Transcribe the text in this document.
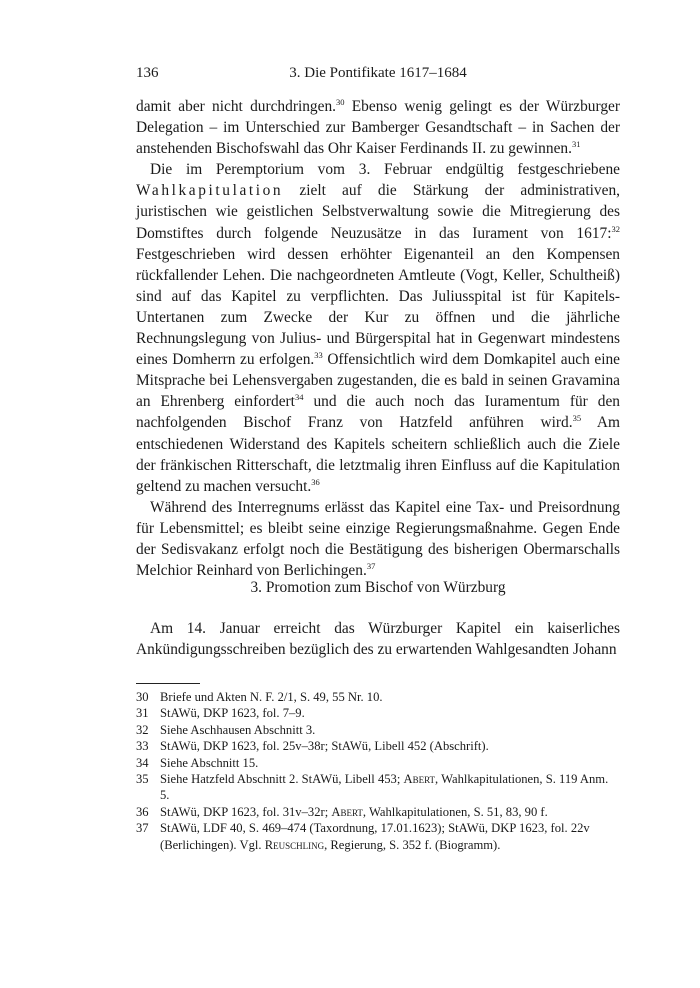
136	3. Die Pontifikate 1617–1684

damit aber nicht durchdringen.$^{30}$ Ebenso wenig gelingt es der Würzburger Delegation – im Unterschied zur Bamberger Gesandtschaft – in Sachen der anstehenden Bischofswahl das Ohr Kaiser Ferdinands II. zu gewinnen.$^{31}$

Die im Peremptorium vom 3. Februar endgültig festgeschriebene Wahlkapitulation zielt auf die Stärkung der administrativen, juristischen wie geistlichen Selbstverwaltung sowie die Mitregierung des Domstiftes durch folgende Neuzusätze in das Iurament von 1617:$^{32}$ Festgeschrieben wird dessen erhöhter Eigenanteil an den Kompensen rückfallender Lehen. Die nachgeordneten Amtleute (Vogt, Keller, Schultheiß) sind auf das Kapitel zu verpflichten. Das Juliusspital ist für Kapitels-Untertanen zum Zwecke der Kur zu öffnen und die jährliche Rechnungslegung von Julius- und Bürgerspital hat in Gegenwart mindestens eines Domherrn zu erfolgen.$^{33}$ Offensichtlich wird dem Domkapitel auch eine Mitsprache bei Lehensvergaben zugestanden, die es bald in seinen Gravamina an Ehrenberg einfordert$^{34}$ und die auch noch das Iuramentum für den nachfolgenden Bischof Franz von Hatzfeld anführen wird.$^{35}$ Am entschiedenen Widerstand des Kapitels scheitern schließlich auch die Ziele der fränkischen Ritterschaft, die letztmalig ihren Einfluss auf die Kapitulation geltend zu machen versucht.$^{36}$

Während des Interregnums erlässt das Kapitel eine Tax- und Preisordnung für Lebensmittel; es bleibt seine einzige Regierungsmaßnahme. Gegen Ende der Sedisvakanz erfolgt noch die Bestätigung des bisherigen Obermarschalls Melchior Reinhard von Berlichingen.$^{37}$

3. Promotion zum Bischof von Würzburg

Am 14. Januar erreicht das Würzburger Kapitel ein kaiserliches Ankündigungsschreiben bezüglich des zu erwartenden Wahlgesandten Johann

30 Briefe und Akten N. F. 2/1, S. 49, 55 Nr. 10.
31 StAWü, DKP 1623, fol. 7–9.
32 Siehe Aschhausen Abschnitt 3.
33 StAWü, DKP 1623, fol. 25v–38r; StAWü, Libell 452 (Abschrift).
34 Siehe Abschnitt 15.
35 Siehe Hatzfeld Abschnitt 2. StAWü, Libell 453; Abert, Wahlkapitulationen, S. 119 Anm. 5.
36 StAWü, DKP 1623, fol. 31v–32r; Abert, Wahlkapitulationen, S. 51, 83, 90 f.
37 StAWü, LDF 40, S. 469–474 (Taxordnung, 17.01.1623); StAWü, DKP 1623, fol. 22v (Berlichingen). Vgl. Reuschling, Regierung, S. 352 f. (Biogramm).
